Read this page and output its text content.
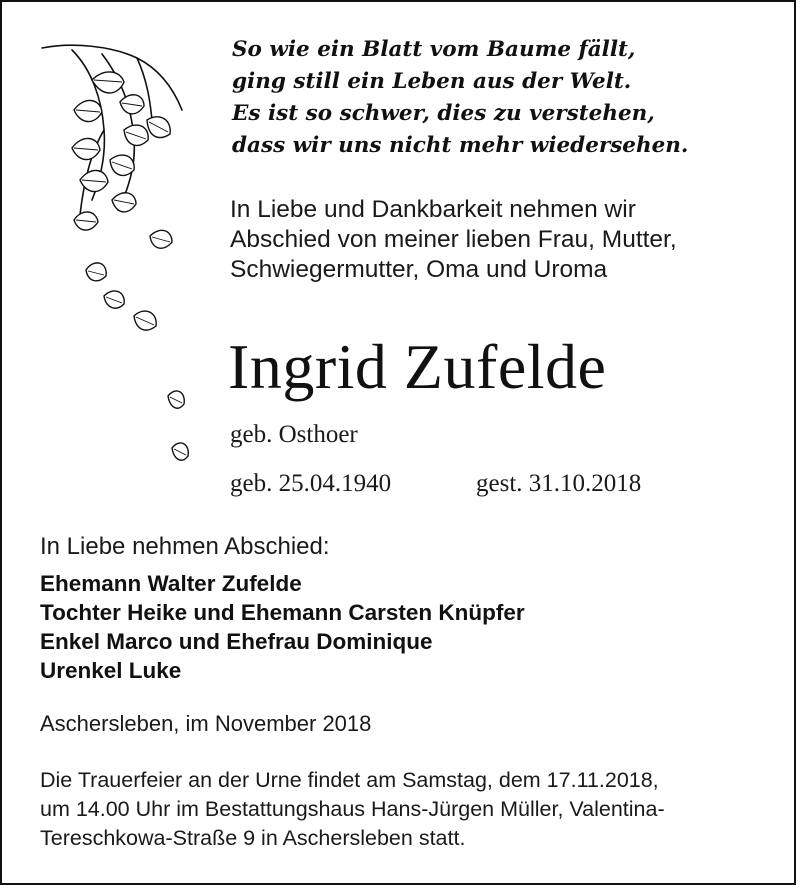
So wie ein Blatt vom Baume fällt,
ging still ein Leben aus der Welt.
Es ist so schwer, dies zu verstehen,
dass wir uns nicht mehr wiedersehen.
In Liebe und Dankbarkeit nehmen wir
Abschied von meiner lieben Frau, Mutter,
Schwiegermutter, Oma und Uroma
Ingrid Zufelde
geb. Osthoer
geb. 25.04.1940	gest. 31.10.2018
In Liebe nehmen Abschied:
Ehemann Walter Zufelde
Tochter Heike und Ehemann Carsten Knüpfer
Enkel Marco und Ehefrau Dominique
Urenkel Luke
Aschersleben, im November 2018
Die Trauerfeier an der Urne findet am Samstag, dem 17.11.2018,
um 14.00 Uhr im Bestattungshaus Hans-Jürgen Müller, Valentina-
Tereschkowa-Straße 9 in Aschersleben statt.
